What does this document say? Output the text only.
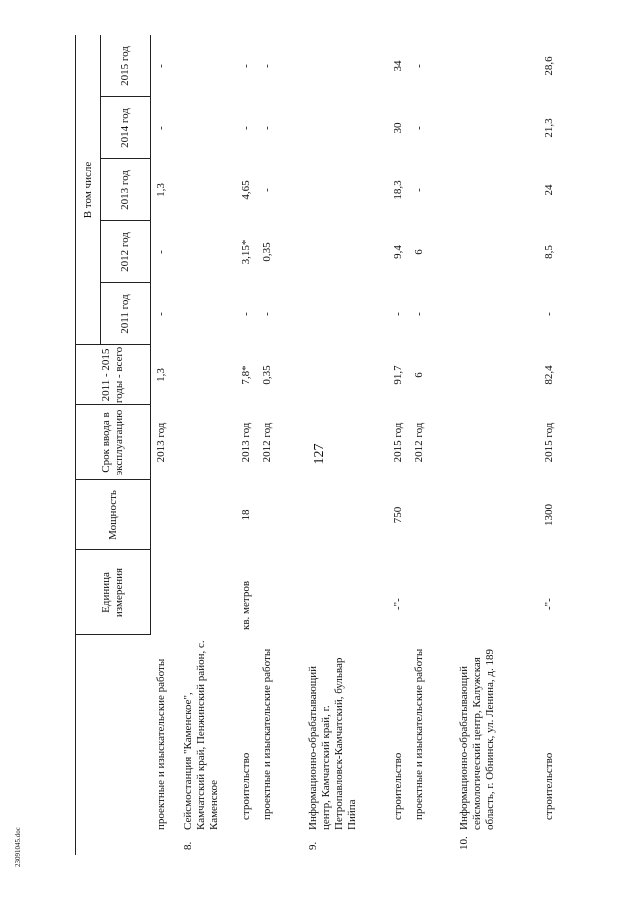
127
23091045.doc
Единица измерения
Мощность
Срок ввода в эксплуатацию
2011 - 2015 годы - всего
В том числе
2011 год
2012 год
2013 год
2014 год
2015 год
проектные и изыскательские работы
2013 год
1,3
-
-
1,3
-
-
8.
Сейсмостанция "Каменское", Камчатский край, Пенжинский район, с. Каменское строительство
кв. метров
18
2013 год
7,8*
-
3,15*
4,65
-
-
проектные и изыскательские работы
2012 год
0,35
-
0,35
-
-
-
9.
Информационно-обрабатывающий центр, Камчатский край, г. Петропавловск-Камчатский, бульвар Пийпа	строительство
-"-
750
2015 год
91,7
-
9,4
18,3
30
34
проектные и изыскательские работы
2012 год
6
-
6
-
-
-
10.
Информационно-обрабатывающий сейсмологический центр, Калужская область, г. Обнинск, ул. Ленина, д. 189	строительство
-"-
1300
2015 год
82,4
-
8,5
24
21,3
28,6
